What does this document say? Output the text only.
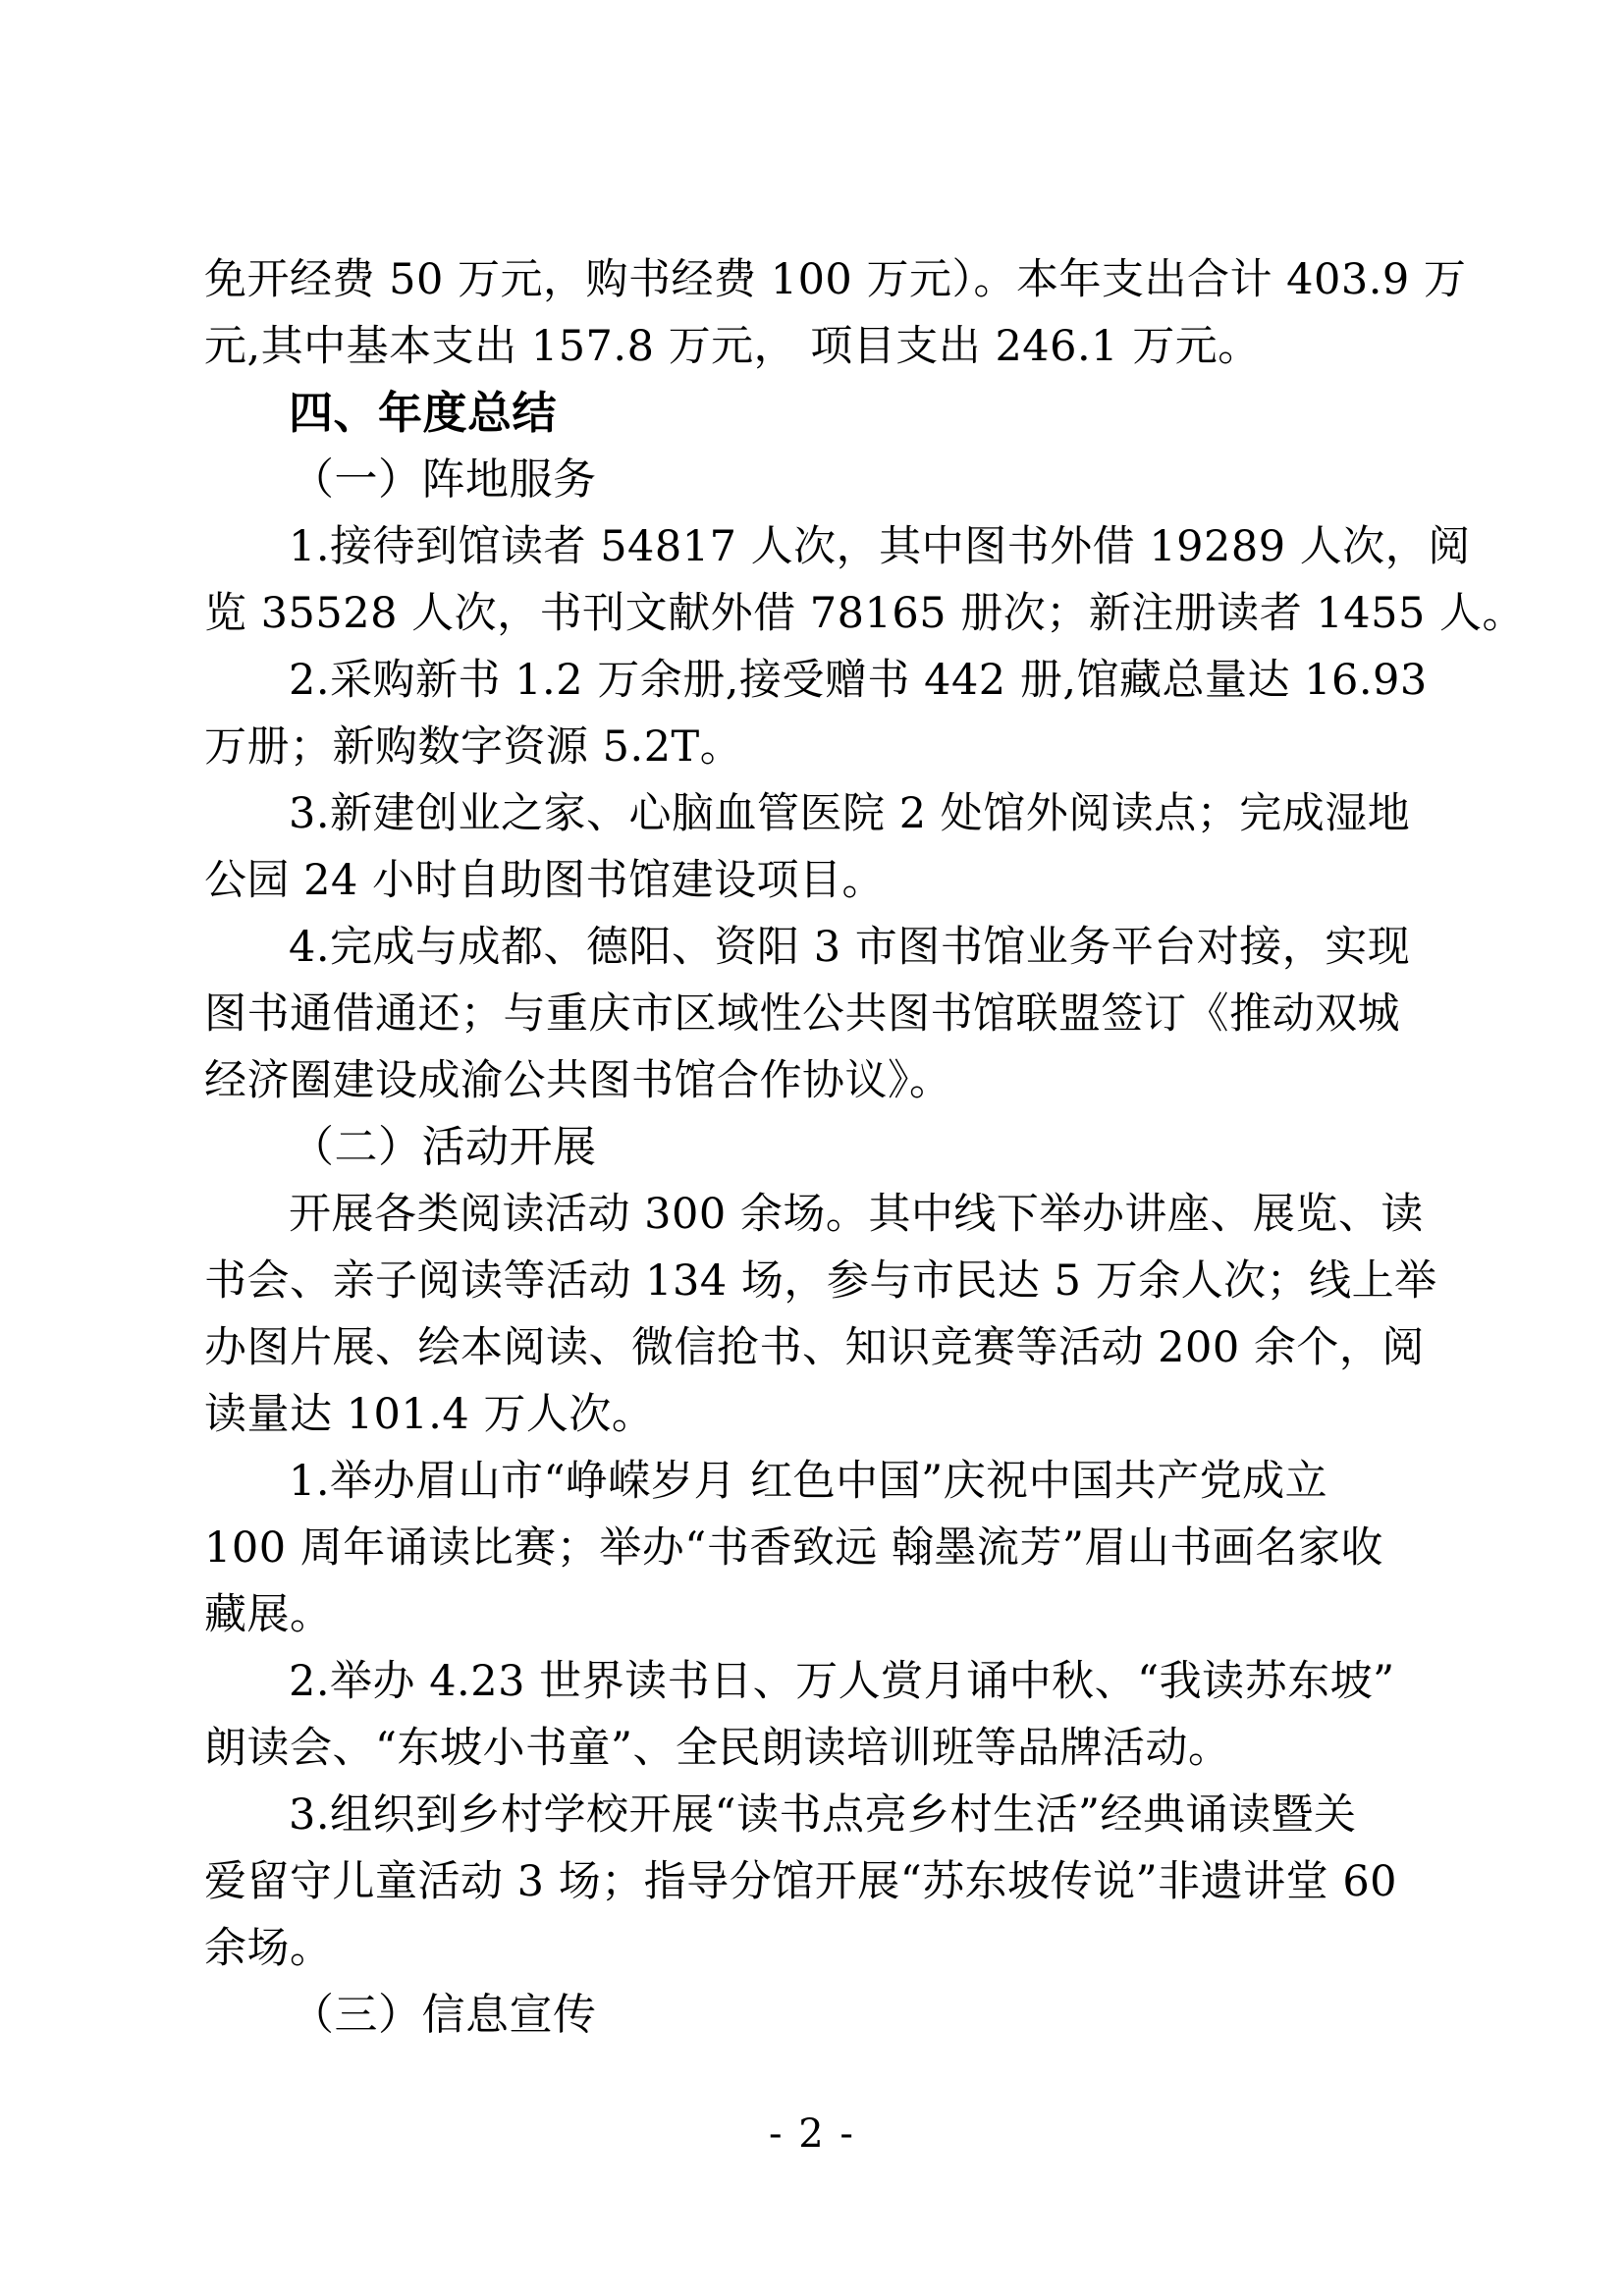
免开经费 50 万元，购书经费 100 万元）。本年支出合计 403.9 万

元,其中基本支出 157.8 万元， 项目支出 246.1 万元。

四、年度总结

（一）阵地服务

1.接待到馆读者 54817 人次，其中图书外借 19289 人次，阅

览 35528 人次，书刊文献外借 78165 册次；新注册读者 1455 人。

2.采购新书 1.2 万余册,接受赠书 442 册,馆藏总量达 16.93

万册；新购数字资源 5.2T。

3.新建创业之家、心脑血管医院 2 处馆外阅读点；完成湿地

公园 24 小时自助图书馆建设项目。

4.完成与成都、德阳、资阳 3 市图书馆业务平台对接，实现

图书通借通还；与重庆市区域性公共图书馆联盟签订《推动双城

经济圈建设成渝公共图书馆合作协议》。

（二）活动开展

开展各类阅读活动 300 余场。其中线下举办讲座、展览、读

书会、亲子阅读等活动 134 场，参与市民达 5 万余人次；线上举

办图片展、绘本阅读、微信抢书、知识竞赛等活动 200 余个，阅

读量达 101.4 万人次。

1.举办眉山市“峥嵘岁月 红色中国”庆祝中国共产党成立

100 周年诵读比赛；举办“书香致远 翰墨流芳”眉山书画名家收

藏展。

2.举办 4.23 世界读书日、万人赏月诵中秋、“我读苏东坡”

朗读会、“东坡小书童”、全民朗读培训班等品牌活动。

3.组织到乡村学校开展“读书点亮乡村生活”经典诵读暨关

爱留守儿童活动 3 场；指导分馆开展“苏东坡传说”非遗讲堂 60

余场。

（三）信息宣传

- 2 -
